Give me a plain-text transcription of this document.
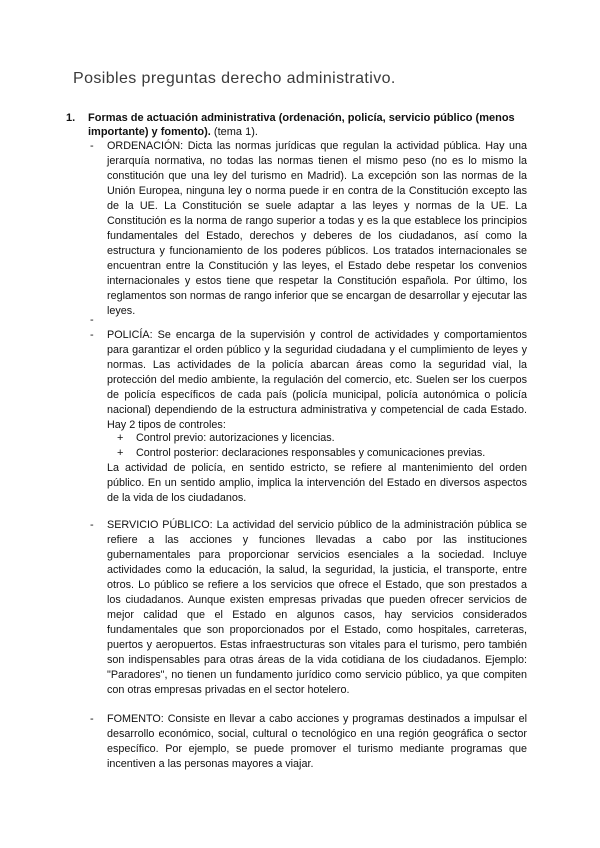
Posibles preguntas derecho administrativo.
1. Formas de actuación administrativa (ordenación, policía, servicio público (menos importante) y fomento). (tema 1).
- ORDENACIÓN: Dicta las normas jurídicas que regulan la actividad pública. Hay una jerarquía normativa, no todas las normas tienen el mismo peso (no es lo mismo la constitución que una ley del turismo en Madrid). La excepción son las normas de la Unión Europea, ninguna ley o norma puede ir en contra de la Constitución excepto las de la UE. La Constitución se suele adaptar a las leyes y normas de la UE. La Constitución es la norma de rango superior a todas y es la que establece los principios fundamentales del Estado, derechos y deberes de los ciudadanos, así como la estructura y funcionamiento de los poderes públicos. Los tratados internacionales se encuentran entre la Constitución y las leyes, el Estado debe respetar los convenios internacionales y estos tiene que respetar la Constitución española. Por último, los reglamentos son normas de rango inferior que se encargan de desarrollar y ejecutar las leyes.
-
- POLICÍA: Se encarga de la supervisión y control de actividades y comportamientos para garantizar el orden público y la seguridad ciudadana y el cumplimiento de leyes y normas. Las actividades de la policía abarcan áreas como la seguridad vial, la protección del medio ambiente, la regulación del comercio, etc. Suelen ser los cuerpos de policía específicos de cada país (policía municipal, policía autonómica o policía nacional) dependiendo de la estructura administrativa y competencial de cada Estado. Hay 2 tipos de controles:
+ Control previo: autorizaciones y licencias.
+ Control posterior: declaraciones responsables y comunicaciones previas.
La actividad de policía, en sentido estricto, se refiere al mantenimiento del orden público. En un sentido amplio, implica la intervención del Estado en diversos aspectos de la vida de los ciudadanos.
- SERVICIO PÚBLICO: La actividad del servicio público de la administración pública se refiere a las acciones y funciones llevadas a cabo por las instituciones gubernamentales para proporcionar servicios esenciales a la sociedad. Incluye actividades como la educación, la salud, la seguridad, la justicia, el transporte, entre otros. Lo público se refiere a los servicios que ofrece el Estado, que son prestados a los ciudadanos. Aunque existen empresas privadas que pueden ofrecer servicios de mejor calidad que el Estado en algunos casos, hay servicios considerados fundamentales que son proporcionados por el Estado, como hospitales, carreteras, puertos y aeropuertos. Estas infraestructuras son vitales para el turismo, pero también son indispensables para otras áreas de la vida cotidiana de los ciudadanos. Ejemplo: "Paradores", no tienen un fundamento jurídico como servicio público, ya que compiten con otras empresas privadas en el sector hotelero.
- FOMENTO: Consiste en llevar a cabo acciones y programas destinados a impulsar el desarrollo económico, social, cultural o tecnológico en una región geográfica o sector específico. Por ejemplo, se puede promover el turismo mediante programas que incentiven a las personas mayores a viajar.
